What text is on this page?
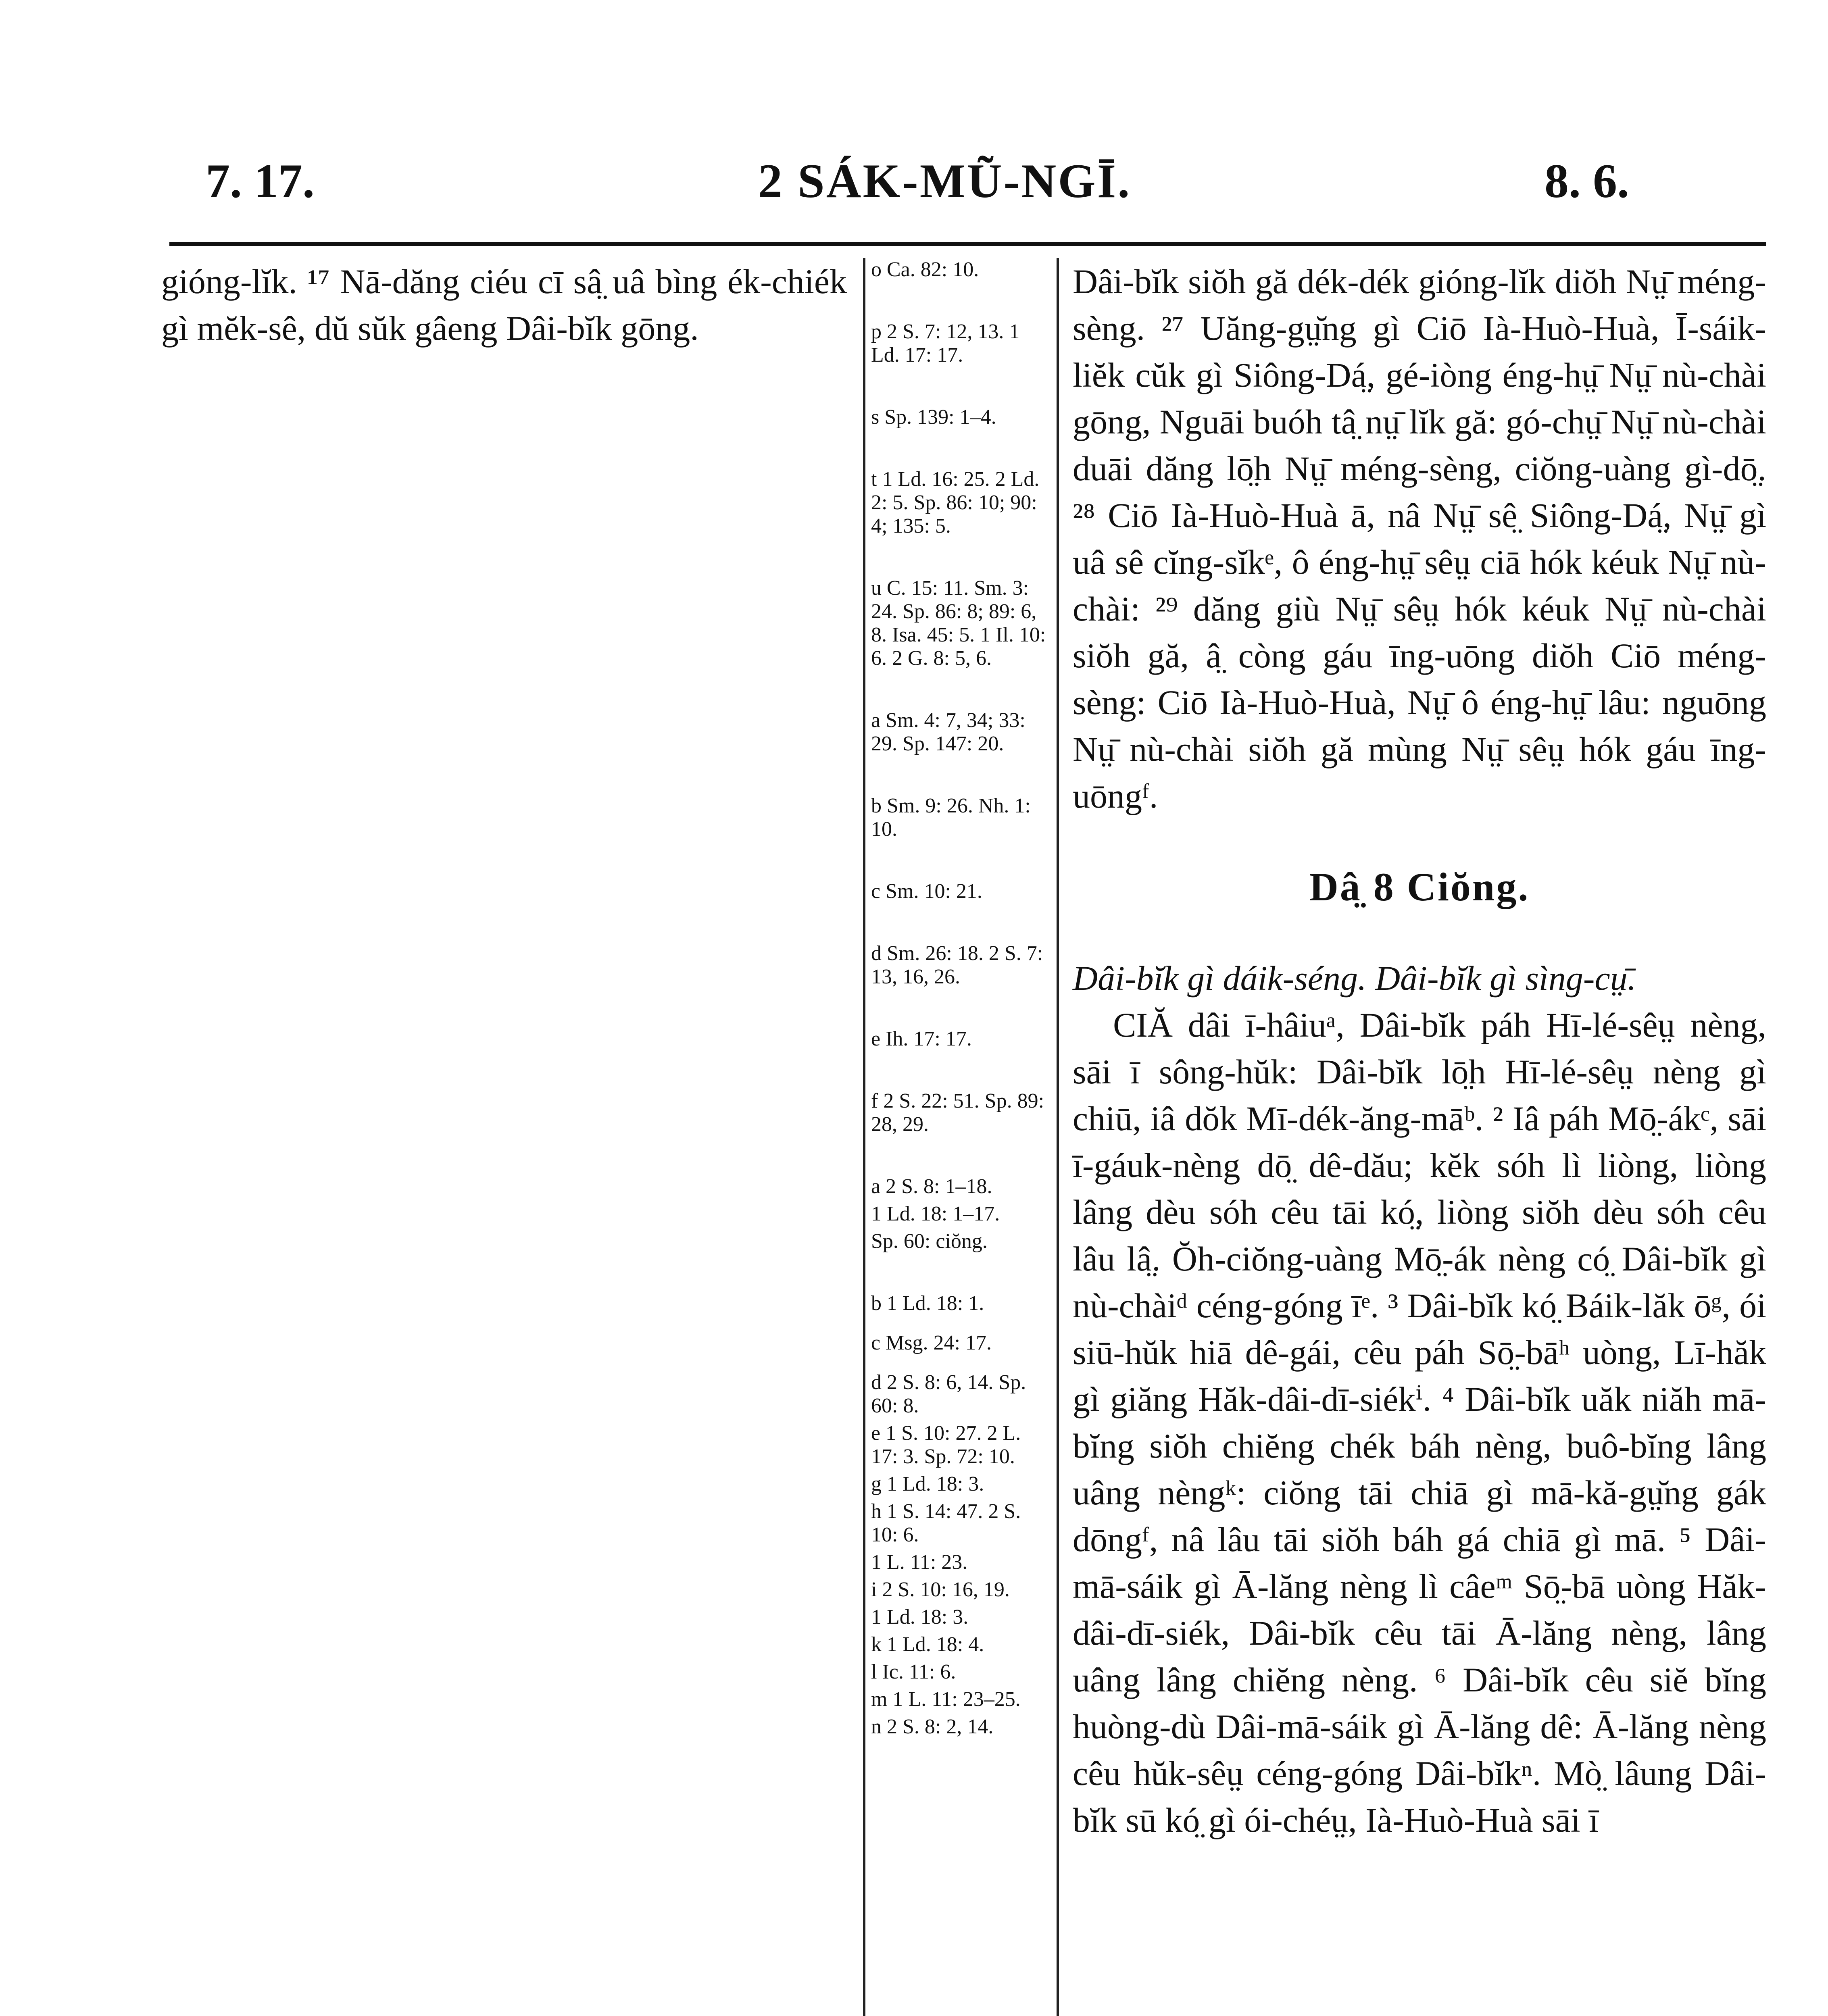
7. 17.	2 SÁK-MŨ-NGĪ.	8. 6.

gióng-lĭk. ¹⁷ Nā-dăng ciéu cī sâ̤ uâ bìng ék-chiék gì mĕk-sê, dŭ sŭk gâeng Dâi-bĭk gōng.

o Ca. 82: 10.
p 2 S. 7: 12, 13. 1 Ld. 17: 17.
s Sp. 139: 1–4.
t 1 Ld. 16: 25. 2 Ld. 2: 5. Sp. 86: 10; 90: 4; 135: 5.
u C. 15: 11. Sm. 3: 24. Sp. 86: 8; 89: 6, 8. Isa. 45: 5. 1 Il. 10: 6. 2 G. 8: 5, 6.
a Sm. 4: 7, 34; 33: 29. Sp. 147: 20.
b Sm. 9: 26. Nh. 1: 10.
c Sm. 10: 21.
d Sm. 26: 18. 2 S. 7: 13, 16, 26.
e Ih. 17: 17.
f 2 S. 22: 51. Sp. 89: 28, 29.
a 2 S. 8: 1–18.
1 Ld. 18: 1–17.
Sp. 60: ciŏng.
b 1 Ld. 18: 1.
c Msg. 24: 17.
d 2 S. 8: 6, 14. Sp. 60: 8.
e 1 S. 10: 27. 2 L. 17: 3. Sp. 72: 10.
g 1 Ld. 18: 3.
h 1 S. 14: 47. 2 S. 10: 6.
1 L. 11: 23.
i 2 S. 10: 16, 19.
1 Ld. 18: 3.
k 1 Ld. 18: 4.
l Ic. 11: 6.
m 1 L. 11: 23–25.
n 2 S. 8: 2, 14.

Dâi-bĭk siŏh gă dék-dék gióng-lĭk diŏh Nṳ̄ méng-sèng. ²⁷ Uăng-gṳ̆ng gì Ciō Ià-Huò-Huà, Ī-sáik-liĕk cŭk gì Siông-Dá̤, gé-iòng éng-hṳ̄ Nṳ̄ nù-chài gōng, Nguāi buóh tâ̤ nṳ̄ lĭk gă: gó-chṳ̄ Nṳ̄ nù-chài duāi dăng lō̤h Nṳ̄ méng-sèng, ciŏng-uàng gì-dō̤. ²⁸ Ciō Ià-Huò-Huà ā, nâ Nṳ̄ sê̤ Siông-Dá̤, Nṳ̄ gì uâ sê cĭng-sĭkᵉ, ô éng-hṳ̄ sêṳ ciā hók kéuk Nṳ̄ nù-chài: ²⁹ dăng giù Nṳ̄ sêṳ hók kéuk Nṳ̄ nù-chài siŏh gă, â̤ còng gáu īng-uōng diŏh Ciō méng-sèng: Ciō Ià-Huò-Huà, Nṳ̄ ô éng-hṳ̄ lâu: nguōng Nṳ̄ nù-chài siŏh gă mùng Nṳ̄ sêṳ hók gáu īng-uōngᶠ.

Dâ̤ 8 Ciŏng.

Dâi-bĭk gì dáik-séng. Dâi-bĭk gì sìng-cṳ̄.

CIĂ dâi ī-hâiuᵃ, Dâi-bĭk páh Hī-lé-sêṳ nèng, sāi ī sông-hŭk: Dâi-bĭk lō̤h Hī-lé-sêṳ nèng gì chiū, iâ dŏk Mī-dék-ăng-māᵇ. ² Iâ páh Mō̤-ákᶜ, sāi ī-gáuk-nèng dō̤ dê-dău; kĕk sóh lì liòng, liòng lâng dèu sóh cêu tāi kó̤, liòng siŏh dèu sóh cêu lâu lâ̤. Ŏh-ciŏng-uàng Mō̤-ák nèng có̤ Dâi-bĭk gì nù-chàiᵈ céng-góng īᵉ. ³ Dâi-bĭk kó̤ Báik-lăk ōᵍ, ói siū-hŭk hiā dê-gái, cêu páh Sō̤-bāʰ uòng, Lī-hăk gì giăng Hăk-dâi-dī-siékⁱ. ⁴ Dâi-bĭk uăk niăh mā-bĭng siŏh chiĕng chék báh nèng, buô-bĭng lâng uâng nèngᵏ: ciŏng tāi chiā gì mā-kă-gṳ̆ng gák dōngᶠ, nâ lâu tāi siŏh báh gá chiā gì mā. ⁵ Dâi-mā-sáik gì Ā-lăng nèng lì câeᵐ Sō̤-bā uòng Hăk-dâi-dī-siék, Dâi-bĭk cêu tāi Ā-lăng nèng, lâng uâng lâng chiĕng nèng. ⁶ Dâi-bĭk cêu siĕ bĭng huòng-dù Dâi-mā-sáik gì Ā-lăng dê: Ā-lăng nèng cêu hŭk-sêṳ céng-góng Dâi-bĭkⁿ. Mò̤ lâung Dâi-bĭk sū kó̤ gì ói-chéṳ, Ià-Huò-Huà sāi ī
